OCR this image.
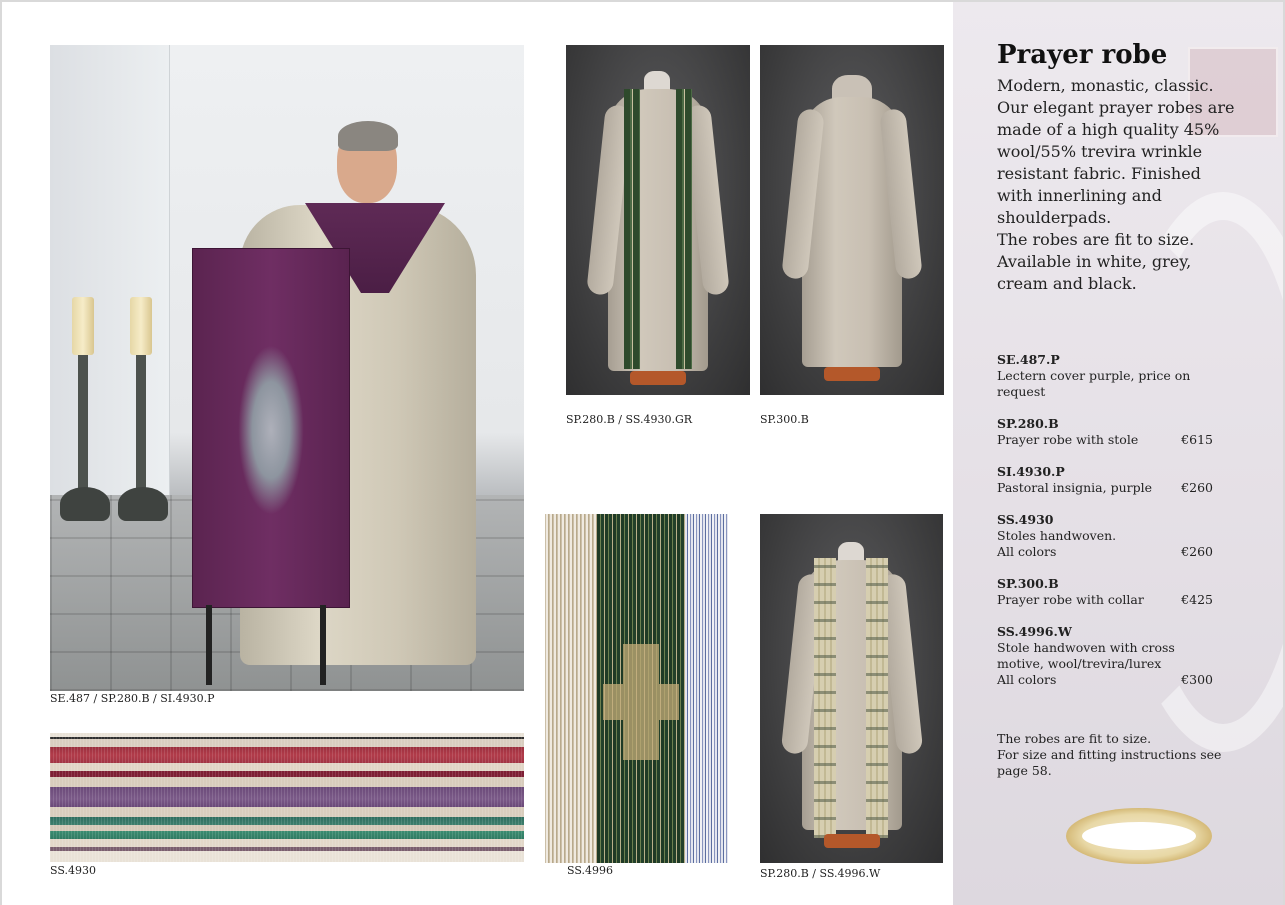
SE.487 / SP.280.B / SI.4930.P
SP.280.B / SS.4930.GR	SP.300.B
SS.4930	SS.4996	SP.280.B / SS.4996.W
Prayer robe

Modern, monastic, classic.

Our elegant prayer robes are made of a high quality 45% wool/55% trevira wrinkle resistant fabric. Finished with innerlining and shoulderpads.

The robes are fit to size.

Available in white, grey, cream and black.

SE.487.P
Lectern cover purple, price on request
SP.280.B
Prayer robe with stole	€615
SI.4930.P
Pastoral insignia, purple €260
SS.4930
Stoles handwoven.
All colors	€260
SP.300.B
Prayer robe with collar	€425
SS.4996.W
Stole handwoven with cross motive, wool/trevira/lurex
All colors	€300

The robes are fit to size.

For size and fitting instructions see page 58.
